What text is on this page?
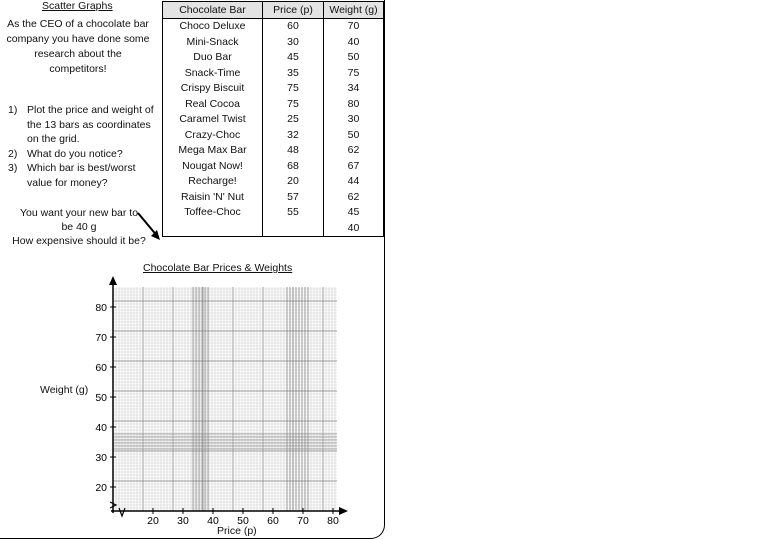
Scatter Graphs
As the CEO of a chocolate bar company you have done some research about the competitors!
1) Plot the price and weight of the 13 bars as coordinates on the grid.
2) What do you notice?
3) Which bar is best/worst value for money?
You want your new bar to be 40 g
How expensive should it be?
Chocolate Bar	Price (p)	Weight (g)
Choco Deluxe	60	70
Mini-Snack	30	40
Duo Bar	45	50
Snack-Time	35	75
Crispy Biscuit	75	34
Real Cocoa	75	80
Caramel Twist	25	30
Crazy-Choc	32	50
Mega Max Bar	48	62
Nougat Now!	68	67
Recharge!	20	44
Raisin 'N' Nut	57	62
Toffee-Choc	55	45
		40
Chocolate Bar Prices & Weights
Weight (g)
Price (p)
20 30 40 50 60 70 80
20
30
40
50
60
70
80
